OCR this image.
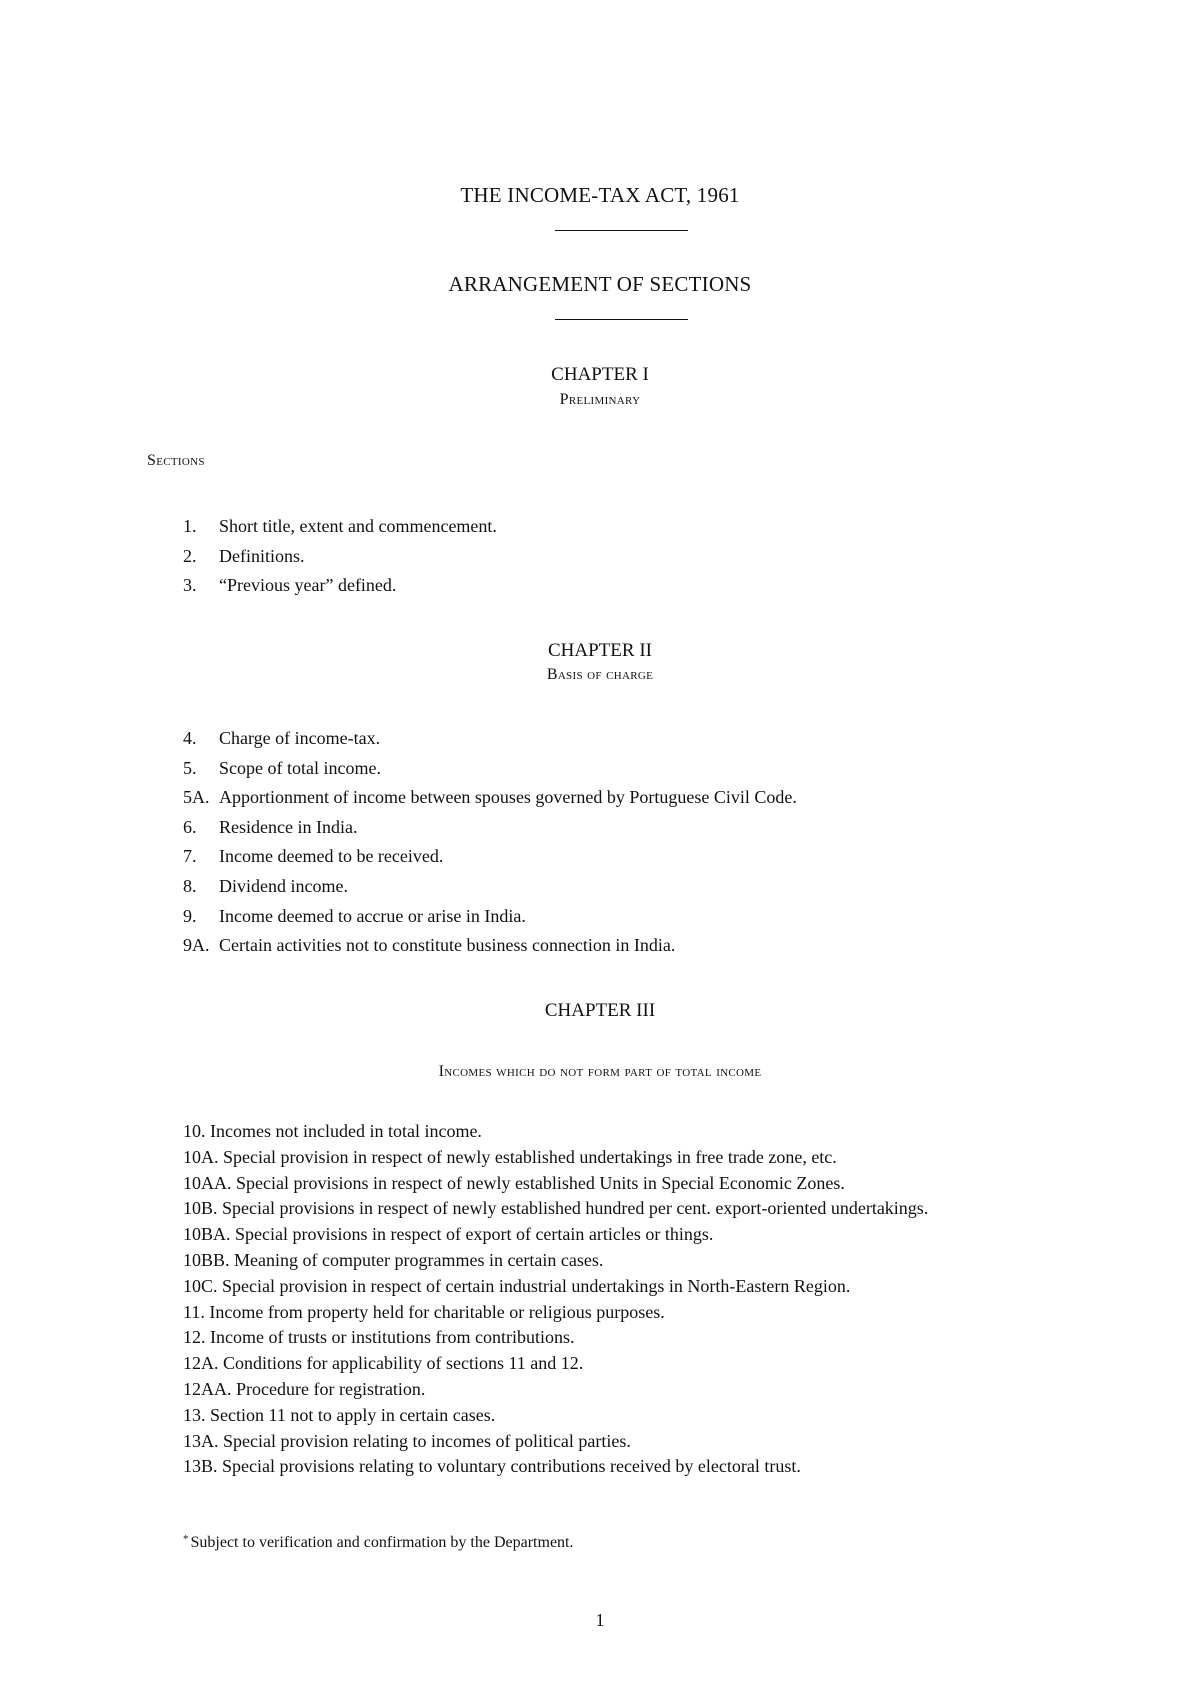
THE INCOME-TAX ACT, 1961
ARRANGEMENT OF SECTIONS
CHAPTER I
Preliminary
Sections
1. Short title, extent and commencement.
2. Definitions.
3. “Previous year” defined.
CHAPTER II
Basis of charge
4. Charge of income-tax.
5. Scope of total income.
5A. Apportionment of income between spouses governed by Portuguese Civil Code.
6. Residence in India.
7. Income deemed to be received.
8. Dividend income.
9. Income deemed to accrue or arise in India.
9A. Certain activities not to constitute business connection in India.
CHAPTER III
Incomes which do not form part of total income
10. Incomes not included in total income.
10A. Special provision in respect of newly established undertakings in free trade zone, etc.
10AA. Special provisions in respect of newly established Units in Special Economic Zones.
10B. Special provisions in respect of newly established hundred per cent. export-oriented undertakings.
10BA. Special provisions in respect of export of certain articles or things.
10BB. Meaning of computer programmes in certain cases.
10C. Special provision in respect of certain industrial undertakings in North-Eastern Region.
11. Income from property held for charitable or religious purposes.
12. Income of trusts or institutions from contributions.
12A. Conditions for applicability of sections 11 and 12.
12AA. Procedure for registration.
13. Section 11 not to apply in certain cases.
13A. Special provision relating to incomes of political parties.
13B. Special provisions relating to voluntary contributions received by electoral trust.
* Subject to verification and confirmation by the Department.
1
